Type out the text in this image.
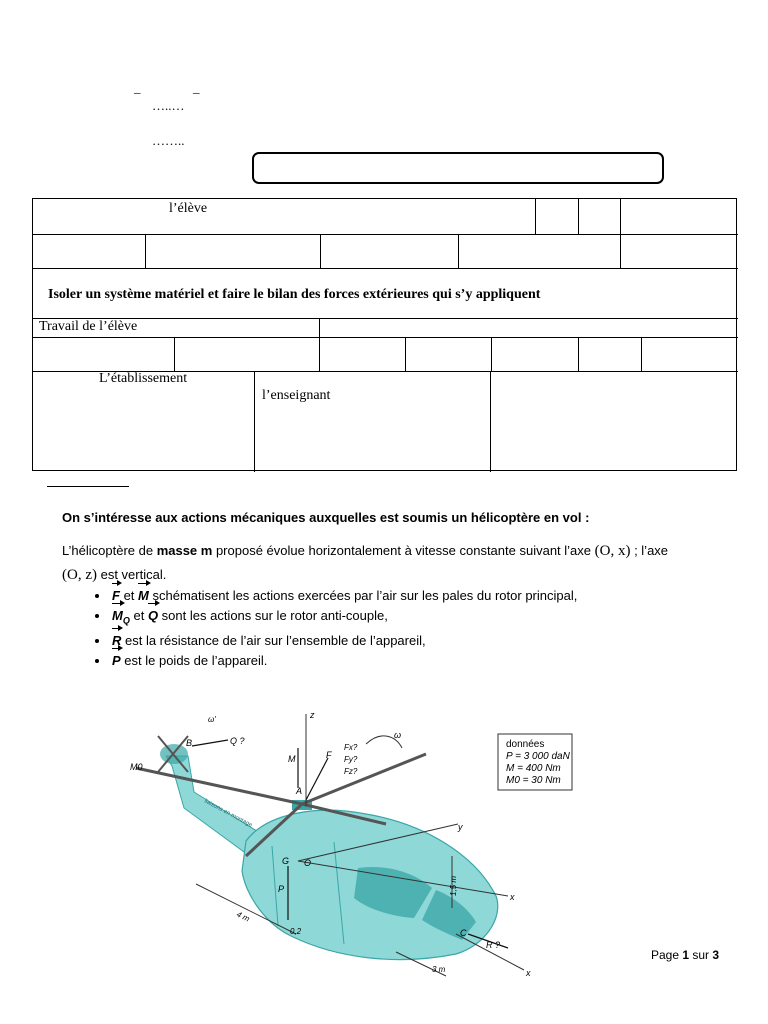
_	_
…..…
……..
l’élève
Isoler un système matériel et faire le bilan des forces extérieures qui s’y appliquent
Travail de l’élève
L’établissement
l’enseignant
On s’intéresse aux actions mécaniques auxquelles est soumis un hélicoptère en vol :
L’hélicoptère de masse m proposé évolue horizontalement à vitesse constante suivant l’axe (O, x) ; l’axe
(O, z) est vertical.
• F et M schématisent les actions exercées par l’air sur les pales du rotor principal,
• $M_Q$ et Q sont les actions sur le rotor anti-couple,
• R est la résistance de l’air sur l’ensemble de l’appareil,
• P est le poids de l’appareil.
données
P = 3 000 daN
M = 400 Nm
M0 = 30 Nm
liaisons en montage
z
y
x
x
F
Fx?
Fy?
Fz?
M
A
ω
ω'
B	Q ?
M0
G O
P
C
R ?
4 m
0,2
1,5 m
3 m
Page 1 sur 3
